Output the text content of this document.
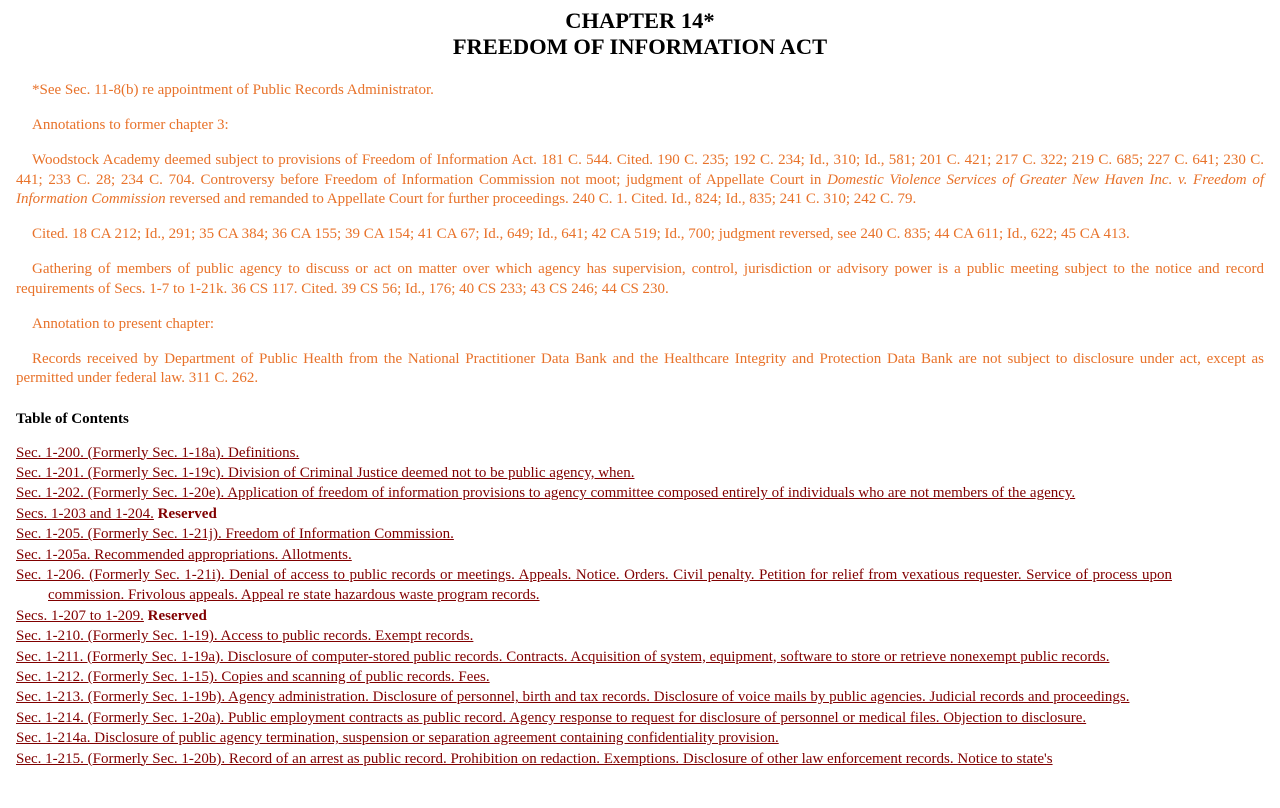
CHAPTER 14*
FREEDOM OF INFORMATION ACT

*See Sec. 11-8(b) re appointment of Public Records Administrator.

Annotations to former chapter 3:

Woodstock Academy deemed subject to provisions of Freedom of Information Act. 181 C. 544. Cited. 190 C. 235; 192 C. 234; Id., 310; Id., 581; 201 C. 421; 217 C. 322; 219 C. 685; 227 C. 641; 230 C. 441; 233 C. 28; 234 C. 704. Controversy before Freedom of Information Commission not moot; judgment of Appellate Court in Domestic Violence Services of Greater New Haven Inc. v. Freedom of Information Commission reversed and remanded to Appellate Court for further proceedings. 240 C. 1. Cited. Id., 824; Id., 835; 241 C. 310; 242 C. 79.

Cited. 18 CA 212; Id., 291; 35 CA 384; 36 CA 155; 39 CA 154; 41 CA 67; Id., 649; Id., 641; 42 CA 519; Id., 700; judgment reversed, see 240 C. 835; 44 CA 611; Id., 622; 45 CA 413.

Gathering of members of public agency to discuss or act on matter over which agency has supervision, control, jurisdiction or advisory power is a public meeting subject to the notice and record requirements of Secs. 1-7 to 1-21k. 36 CS 117. Cited. 39 CS 56; Id., 176; 40 CS 233; 43 CS 246; 44 CS 230.

Annotation to present chapter:

Records received by Department of Public Health from the National Practitioner Data Bank and the Healthcare Integrity and Protection Data Bank are not subject to disclosure under act, except as permitted under federal law. 311 C. 262.

Table of Contents
Sec. 1-200. (Formerly Sec. 1-18a). Definitions.
Sec. 1-201. (Formerly Sec. 1-19c). Division of Criminal Justice deemed not to be public agency, when.
Sec. 1-202. (Formerly Sec. 1-20e). Application of freedom of information provisions to agency committee composed entirely of individuals who are not members of the agency.
Secs. 1-203 and 1-204. Reserved
Sec. 1-205. (Formerly Sec. 1-21j). Freedom of Information Commission.
Sec. 1-205a. Recommended appropriations. Allotments.
Sec. 1-206. (Formerly Sec. 1-21i). Denial of access to public records or meetings. Appeals. Notice. Orders. Civil penalty. Petition for relief from vexatious requester. Service of process upon commission. Frivolous appeals. Appeal re state hazardous waste program records.
Secs. 1-207 to 1-209. Reserved
Sec. 1-210. (Formerly Sec. 1-19). Access to public records. Exempt records.
Sec. 1-211. (Formerly Sec. 1-19a). Disclosure of computer-stored public records. Contracts. Acquisition of system, equipment, software to store or retrieve nonexempt public records.
Sec. 1-212. (Formerly Sec. 1-15). Copies and scanning of public records. Fees.
Sec. 1-213. (Formerly Sec. 1-19b). Agency administration. Disclosure of personnel, birth and tax records. Disclosure of voice mails by public agencies. Judicial records and proceedings.
Sec. 1-214. (Formerly Sec. 1-20a). Public employment contracts as public record. Agency response to request for disclosure of personnel or medical files. Objection to disclosure.
Sec. 1-214a. Disclosure of public agency termination, suspension or separation agreement containing confidentiality provision.
Sec. 1-215. (Formerly Sec. 1-20b). Record of an arrest as public record. Prohibition on redaction. Exemptions. Disclosure of other law enforcement records. Notice to state's
